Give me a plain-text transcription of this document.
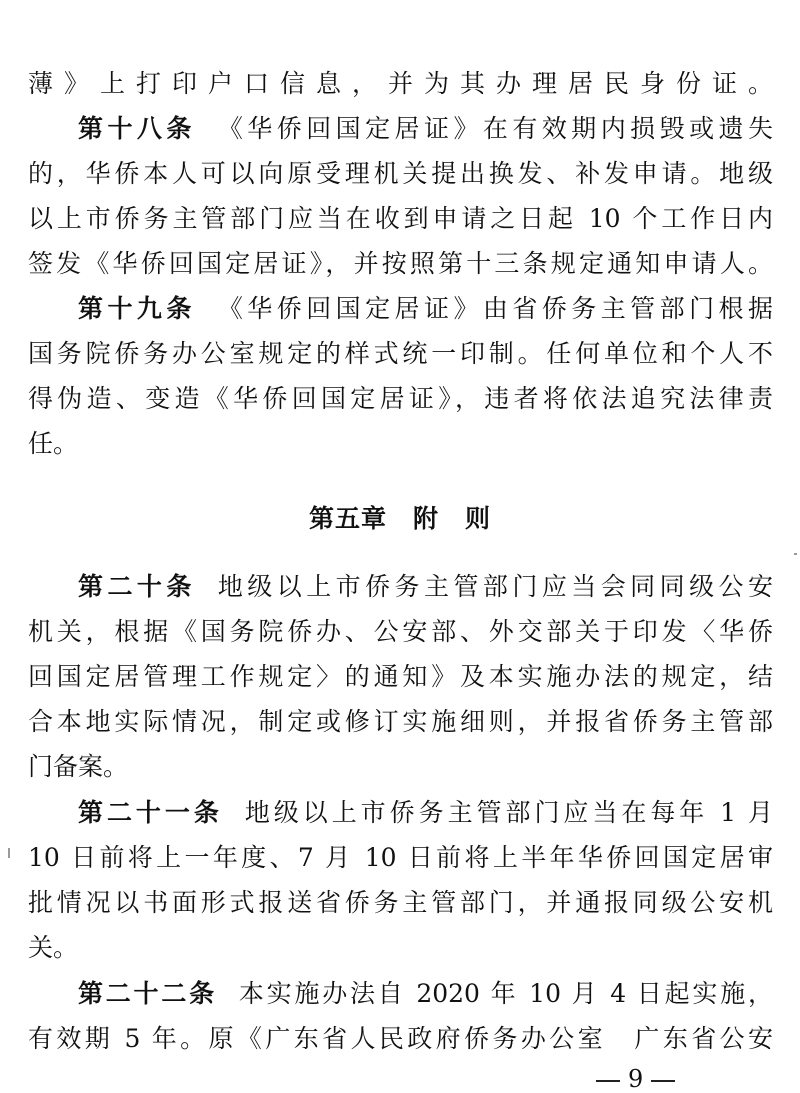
薄》上打印户口信息，并为其办理居民身份证。
第十八条 《华侨回国定居证》在有效期内损毁或遗失
的，华侨本人可以向原受理机关提出换发、补发申请。地级
以上市侨务主管部门应当在收到申请之日起 10 个工作日内
签发《华侨回国定居证》，并按照第十三条规定通知申请人。
第十九条 《华侨回国定居证》由省侨务主管部门根据
国务院侨务办公室规定的样式统一印制。任何单位和个人不
得伪造、变造《华侨回国定居证》，违者将依法追究法律责
任。
第五章 附　则
第二十条 地级以上市侨务主管部门应当会同同级公安
机关，根据《国务院侨办、公安部、外交部关于印发〈华侨
回国定居管理工作规定〉的通知》及本实施办法的规定，结
合本地实际情况，制定或修订实施细则，并报省侨务主管部
门备案。
第二十一条 地级以上市侨务主管部门应当在每年 1 月
10 日前将上一年度、7 月 10 日前将上半年华侨回国定居审
批情况以书面形式报送省侨务主管部门，并通报同级公安机
关。
第二十二条 本实施办法自 2020 年 10 月 4 日起实施，
有效期 5 年。原《广东省人民政府侨务办公室　广东省公安
9
